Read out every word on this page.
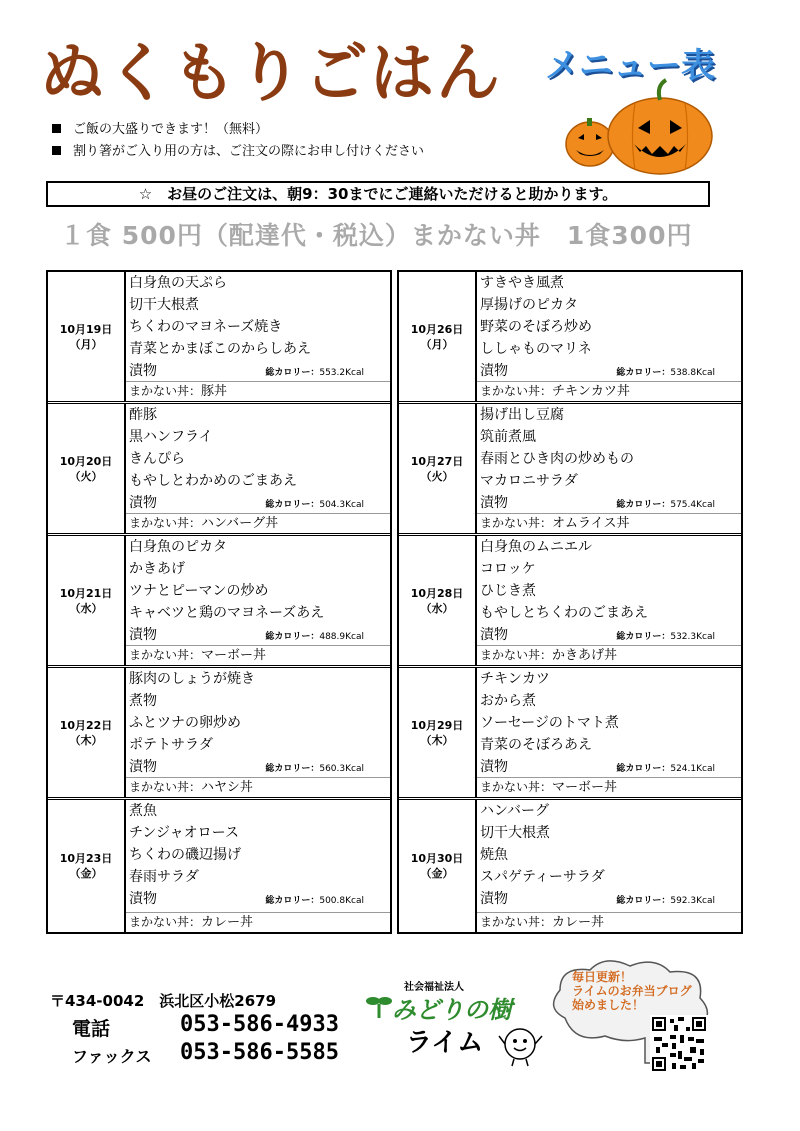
ぬくもりごはん メニュー表
ご飯の大盛りできます！（無料）
割り箸がご入り用の方は、ご注文の際にお申し付けください
☆　お昼のご注文は、朝9：30までにご連絡いただけると助かります。
１食 500円（配達代・税込）まかない丼　1食300円
10月19日
（月）
白身魚の天ぷら
切干大根煮
ちくわのマヨネーズ焼き
青菜とかまぼこのからしあえ
漬物	総カロリー：553.2Kcal
まかない丼：豚丼
10月20日
（火）
酢豚
黒ハンフライ
きんぴら
もやしとわかめのごまあえ
漬物	総カロリー：504.3Kcal
まかない丼：ハンバーグ丼
10月21日
（水）
白身魚のピカタ
かきあげ
ツナとピーマンの炒め
キャベツと鶏のマヨネーズあえ
漬物	総カロリー：488.9Kcal
まかない丼：マーボー丼
10月22日
（木）
豚肉のしょうが焼き
煮物
ふとツナの卵炒め
ポテトサラダ
漬物	総カロリー：560.3Kcal
まかない丼：ハヤシ丼
10月23日
（金）
煮魚
チンジャオロース
ちくわの磯辺揚げ
春雨サラダ
漬物	総カロリー：500.8Kcal
まかない丼：カレー丼
10月26日
（月）
すきやき風煮
厚揚げのピカタ
野菜のそぼろ炒め
ししゃものマリネ
漬物	総カロリー：538.8Kcal
まかない丼：チキンカツ丼
10月27日
（火）
揚げ出し豆腐
筑前煮風
春雨とひき肉の炒めもの
マカロニサラダ
漬物	総カロリー：575.4Kcal
まかない丼：オムライス丼
10月28日
（水）
白身魚のムニエル
コロッケ
ひじき煮
もやしとちくわのごまあえ
漬物	総カロリー：532.3Kcal
まかない丼：かきあげ丼
10月29日
（木）
チキンカツ
おから煮
ソーセージのトマト煮
青菜のそぼろあえ
漬物	総カロリー：524.1Kcal
まかない丼：マーボー丼
10月30日
（金）
ハンバーグ
切干大根煮
焼魚
スパゲティーサラダ
漬物	総カロリー：592.3Kcal
まかない丼：カレー丼
〒434-0042　浜北区小松2679
電話	053-586-4933
ファックス 053-586-5585
社会福祉法人
みどりの樹
ライム
毎日更新！
ライムのお弁当ブログ
始めました！
